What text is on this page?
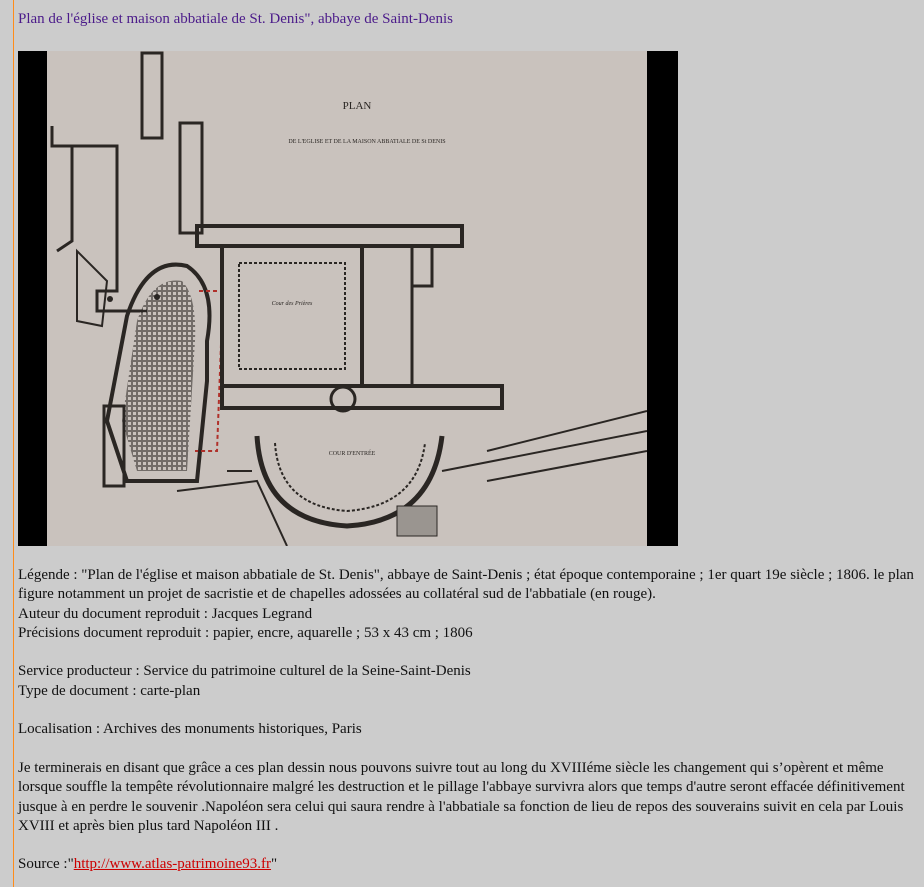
Plan de l'église et maison abbatiale de St. Denis", abbaye de Saint-Denis
PLAN
DE L'EGLISE ET DE LA MAISON ABBATIALE DE St DENIS
Cour des Prières
COUR D'ENTRÉE

Légende : "Plan de l'église et maison abbatiale de St. Denis", abbaye de Saint-Denis ; état époque contemporaine ; 1er quart 19e siècle ; 1806. le plan figure notamment un projet de sacristie et de chapelles adossées au collatéral sud de l'abbatiale (en rouge).

Auteur du document reproduit : Jacques Legrand

Précisions document reproduit : papier, encre, aquarelle ; 53 x 43 cm ; 1806

Service producteur : Service du patrimoine culturel de la Seine-Saint-Denis

Type de document : carte-plan

Localisation : Archives des monuments historiques, Paris

Je terminerais en disant que grâce a ces plan dessin nous pouvons suivre tout au long du XVIIIéme siècle les changement qui s’opèrent et même lorsque souffle la tempête révolutionnaire malgré les destruction et le pillage l'abbaye survivra alors que temps d'autre seront effacée définitivement jusque à en perdre le souvenir .Napoléon sera celui qui saura rendre à l'abbatiale sa fonction de lieu de repos des souverains suivit en cela par Louis XVIII et après bien plus tard Napoléon III .

Source :"http://www.atlas-patrimoine93.fr"
